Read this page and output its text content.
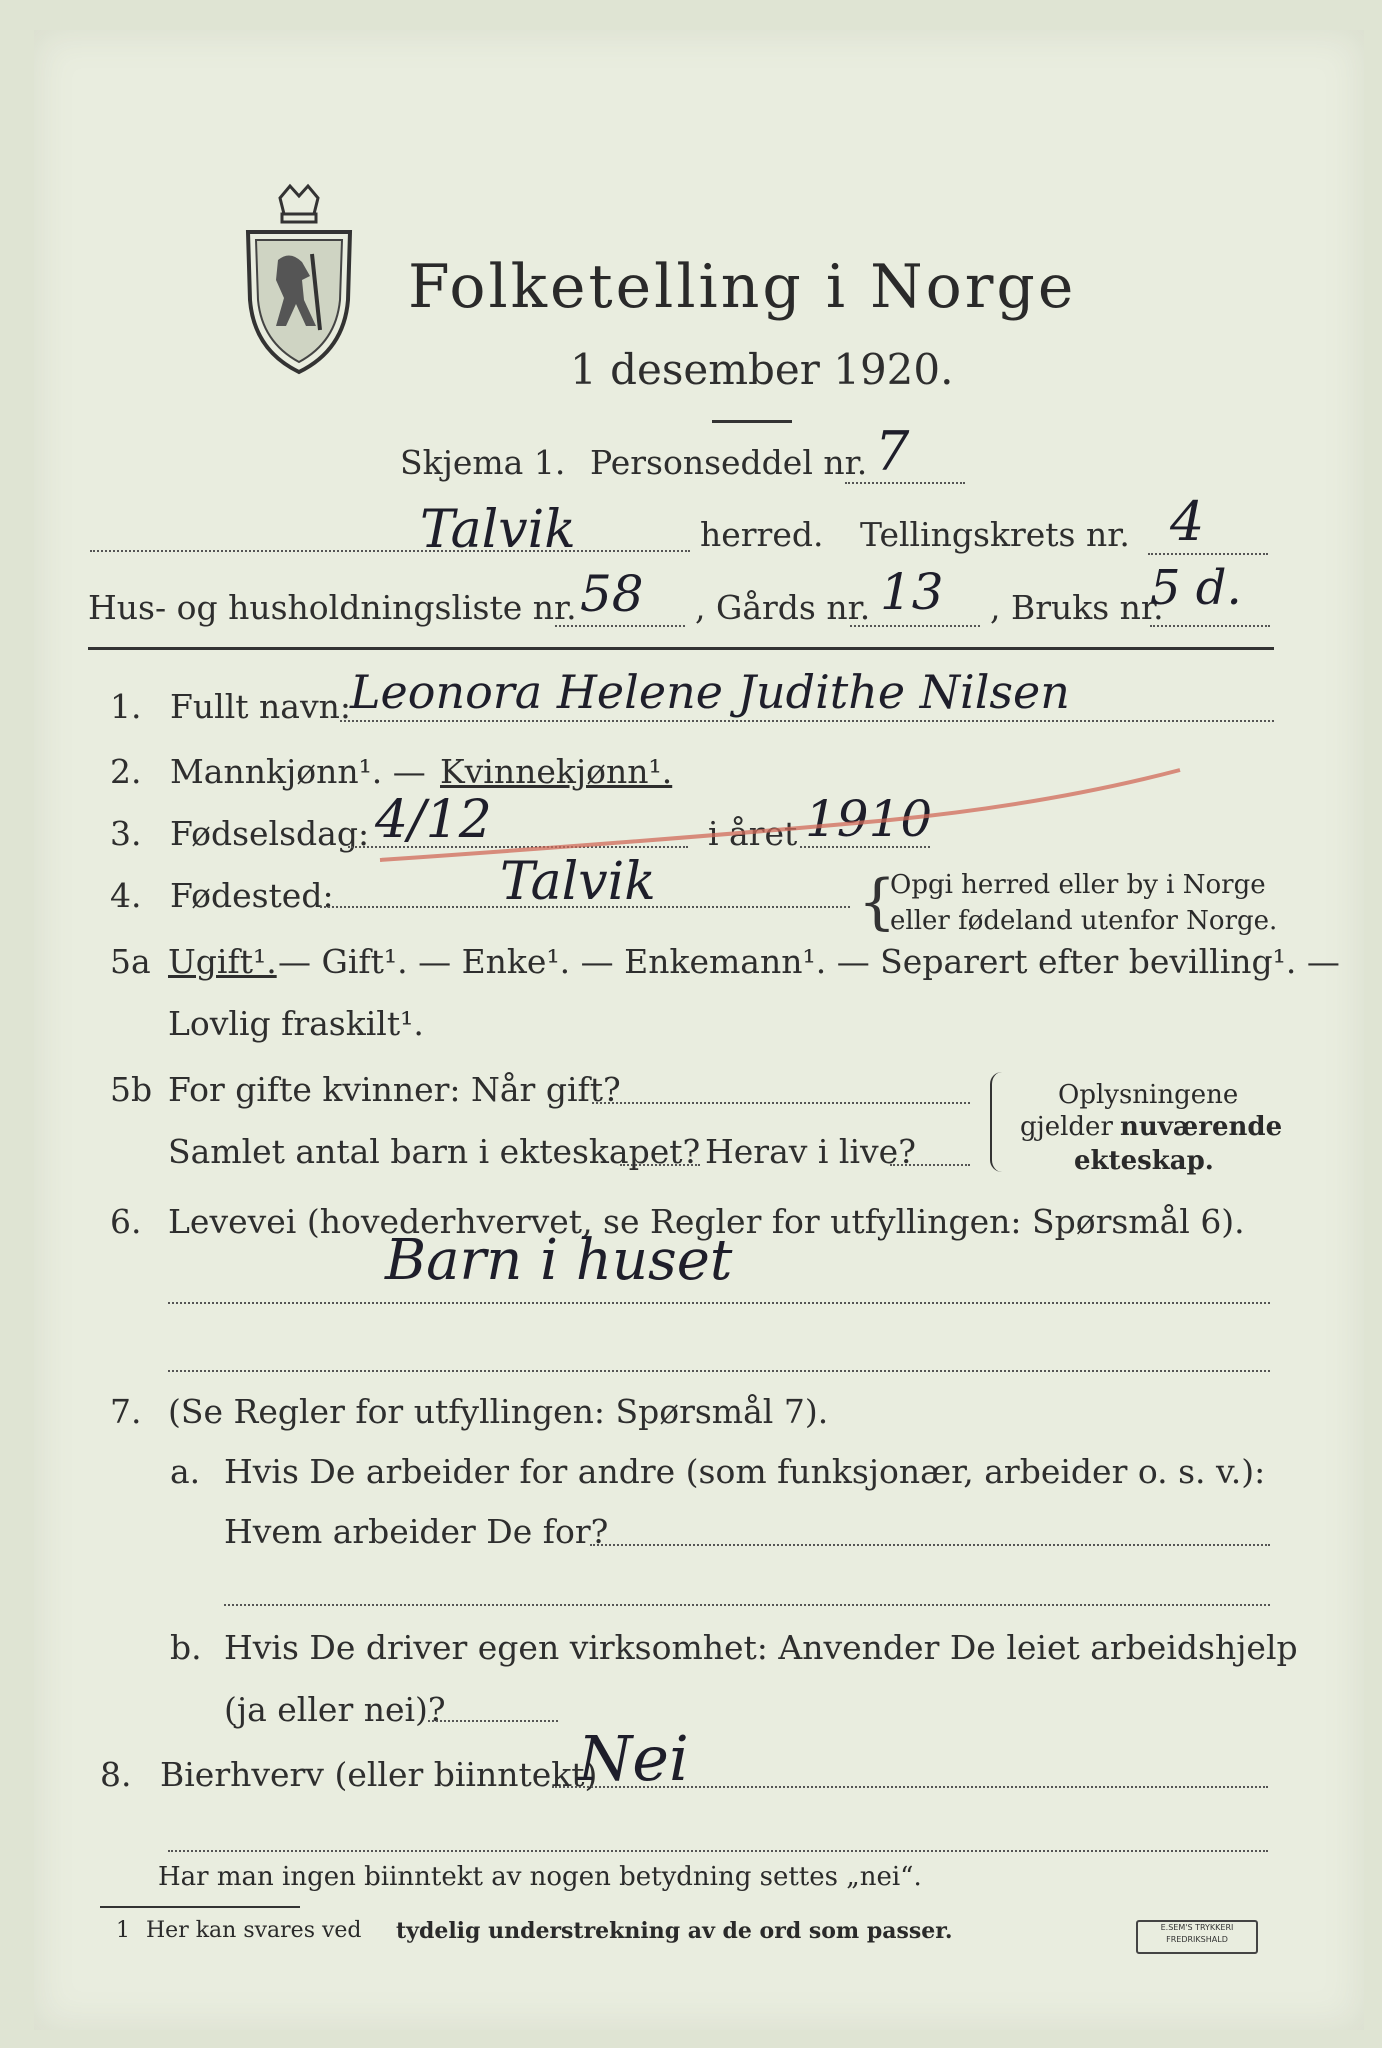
Folketelling i Norge
1 desember 1920.
Skjema 1. Personseddel nr. 7
Talvik	herred. Tellingskrets nr. 4
Hus- og husholdningsliste nr. 58 , Gårds nr. 13 , Bruks nr.
5 d.
1. Fullt navn: Leonora Helene Judithe Nilsen
2. Mannkjønn¹. — Kvinnekjønn¹.
3. Fødselsdag: 4/12	i året 1910
4. Fødested:	Talvik	{
Opgi herred eller by i Norge
eller fødeland utenfor Norge.
5a Ugift¹. — Gift¹. — Enke¹. — Enkemann¹. — Separert efter bevilling¹. —
Lovlig fraskilt¹.
5b For gifte kvinner: Når gift?
Samlet antal barn i ekteskapet? Herav i live?
Oplysningene
gjelder nuværende
ekteskap.
6. Levevei (hovederhvervet, se Regler for utfyllingen: Spørsmål 6).
Barn i huset
7. (Se Regler for utfyllingen: Spørsmål 7).
a. Hvis De arbeider for andre (som funksjonær, arbeider o. s. v.):
Hvem arbeider De for?
b. Hvis De driver egen virksomhet: Anvender De leiet arbeidshjelp
(ja eller nei)?
8. Bierhverv (eller biinntekt)
Nei
Har man ingen biinntekt av nogen betydning settes „nei“.
1 Her kan svares ved tydelig understrekning av de ord som passer.	E.SEM'S TRYKKERI
FREDRIKSHALD
